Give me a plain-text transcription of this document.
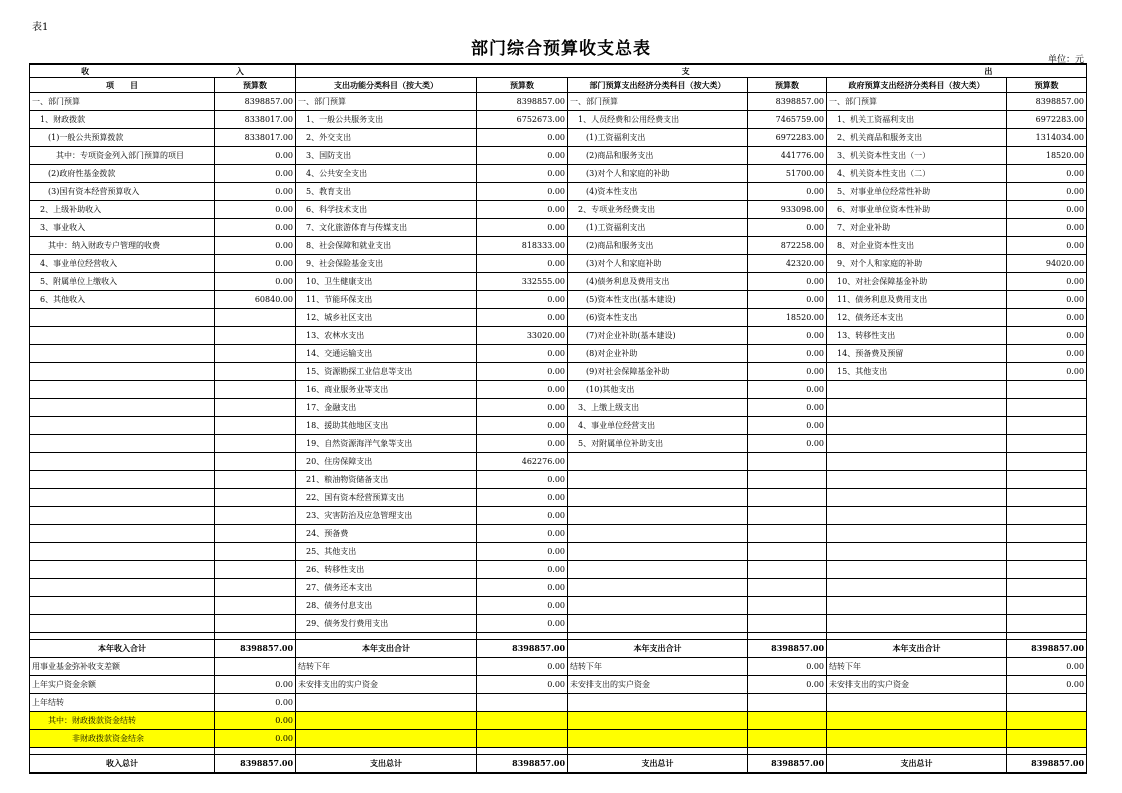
表1
部门综合预算收支总表
单位：元
收 入		支 出					
项　　目	预算数	支出功能分类科目（按大类）	预算数	部门预算支出经济分类科目（按大类）	预算数	政府预算支出经济分类科目（按大类）	预算数
一、部门预算	8398857.00	一、部门预算	8398857.00	一、部门预算	8398857.00	一、部门预算	8398857.00
　1、财政拨款	8338017.00	　1、一般公共服务支出	6752673.00	　1、人员经费和公用经费支出	7465759.00	　1、机关工资福利支出	6972283.00
　　(1)一般公共预算拨款	8338017.00	　2、外交支出	0.00	　　(1)工资福利支出	6972283.00	　2、机关商品和服务支出	1314034.00
　　　其中：专项资金列入部门预算的项目	0.00	　3、国防支出	0.00	　　(2)商品和服务支出	441776.00	　3、机关资本性支出（一）	18520.00
　　(2)政府性基金拨款	0.00	　4、公共安全支出	0.00	　　(3)对个人和家庭的补助	51700.00	　4、机关资本性支出（二）	0.00
　　(3)国有资本经营预算收入	0.00	　5、教育支出	0.00	　　(4)资本性支出	0.00	　5、对事业单位经常性补助	0.00
　2、上级补助收入	0.00	　6、科学技术支出	0.00	　2、专项业务经费支出	933098.00	　6、对事业单位资本性补助	0.00
　3、事业收入	0.00	　7、文化旅游体育与传媒支出	0.00	　　(1)工资福利支出	0.00	　7、对企业补助	0.00
　　其中：纳入财政专户管理的收费	0.00	　8、社会保障和就业支出	818333.00	　　(2)商品和服务支出	872258.00	　8、对企业资本性支出	0.00
　4、事业单位经营收入	0.00	　9、社会保险基金支出	0.00	　　(3)对个人和家庭补助	42320.00	　9、对个人和家庭的补助	94020.00
　5、附属单位上缴收入	0.00	　10、卫生健康支出	332555.00	　　(4)债务利息及费用支出	0.00	　10、对社会保障基金补助	0.00
　6、其他收入	60840.00	　11、节能环保支出	0.00	　　(5)资本性支出(基本建设)	0.00	　11、债务利息及费用支出	0.00
		　12、城乡社区支出	0.00	　　(6)资本性支出	18520.00	　12、债务还本支出	0.00
		　13、农林水支出	33020.00	　　(7)对企业补助(基本建设)	0.00	　13、转移性支出	0.00
		　14、交通运输支出	0.00	　　(8)对企业补助	0.00	　14、预备费及预留	0.00
		　15、资源勘探工业信息等支出	0.00	　　(9)对社会保障基金补助	0.00	　15、其他支出	0.00
		　16、商业服务业等支出	0.00	　　(10)其他支出	0.00		
		　17、金融支出	0.00	　3、上缴上级支出	0.00		
		　18、援助其他地区支出	0.00	　4、事业单位经营支出	0.00		
		　19、自然资源海洋气象等支出	0.00	　5、对附属单位补助支出	0.00		
		　20、住房保障支出	462276.00				
		　21、粮油物资储备支出	0.00				
		　22、国有资本经营预算支出	0.00				
		　23、灾害防治及应急管理支出	0.00				
		　24、预备费	0.00				
		　25、其他支出	0.00				
		　26、转移性支出	0.00				
		　27、债务还本支出	0.00				
		　28、债务付息支出	0.00				
		　29、债务发行费用支出	0.00				

本年收入合计	8398857.00	本年支出合计	8398857.00	本年支出合计	8398857.00	本年支出合计	8398857.00
用事业基金弥补收支差额		结转下年	0.00	结转下年	0.00	结转下年	0.00
上年实户资金余额	0.00	未安排支出的实户资金	0.00	未安排支出的实户资金	0.00	未安排支出的实户资金	0.00
上年结转	0.00						
　　其中：财政拨款资金结转	0.00						
　　　　　非财政拨款资金结余	0.00						

收入总计	8398857.00	支出总计	8398857.00	支出总计	8398857.00	支出总计	8398857.00
